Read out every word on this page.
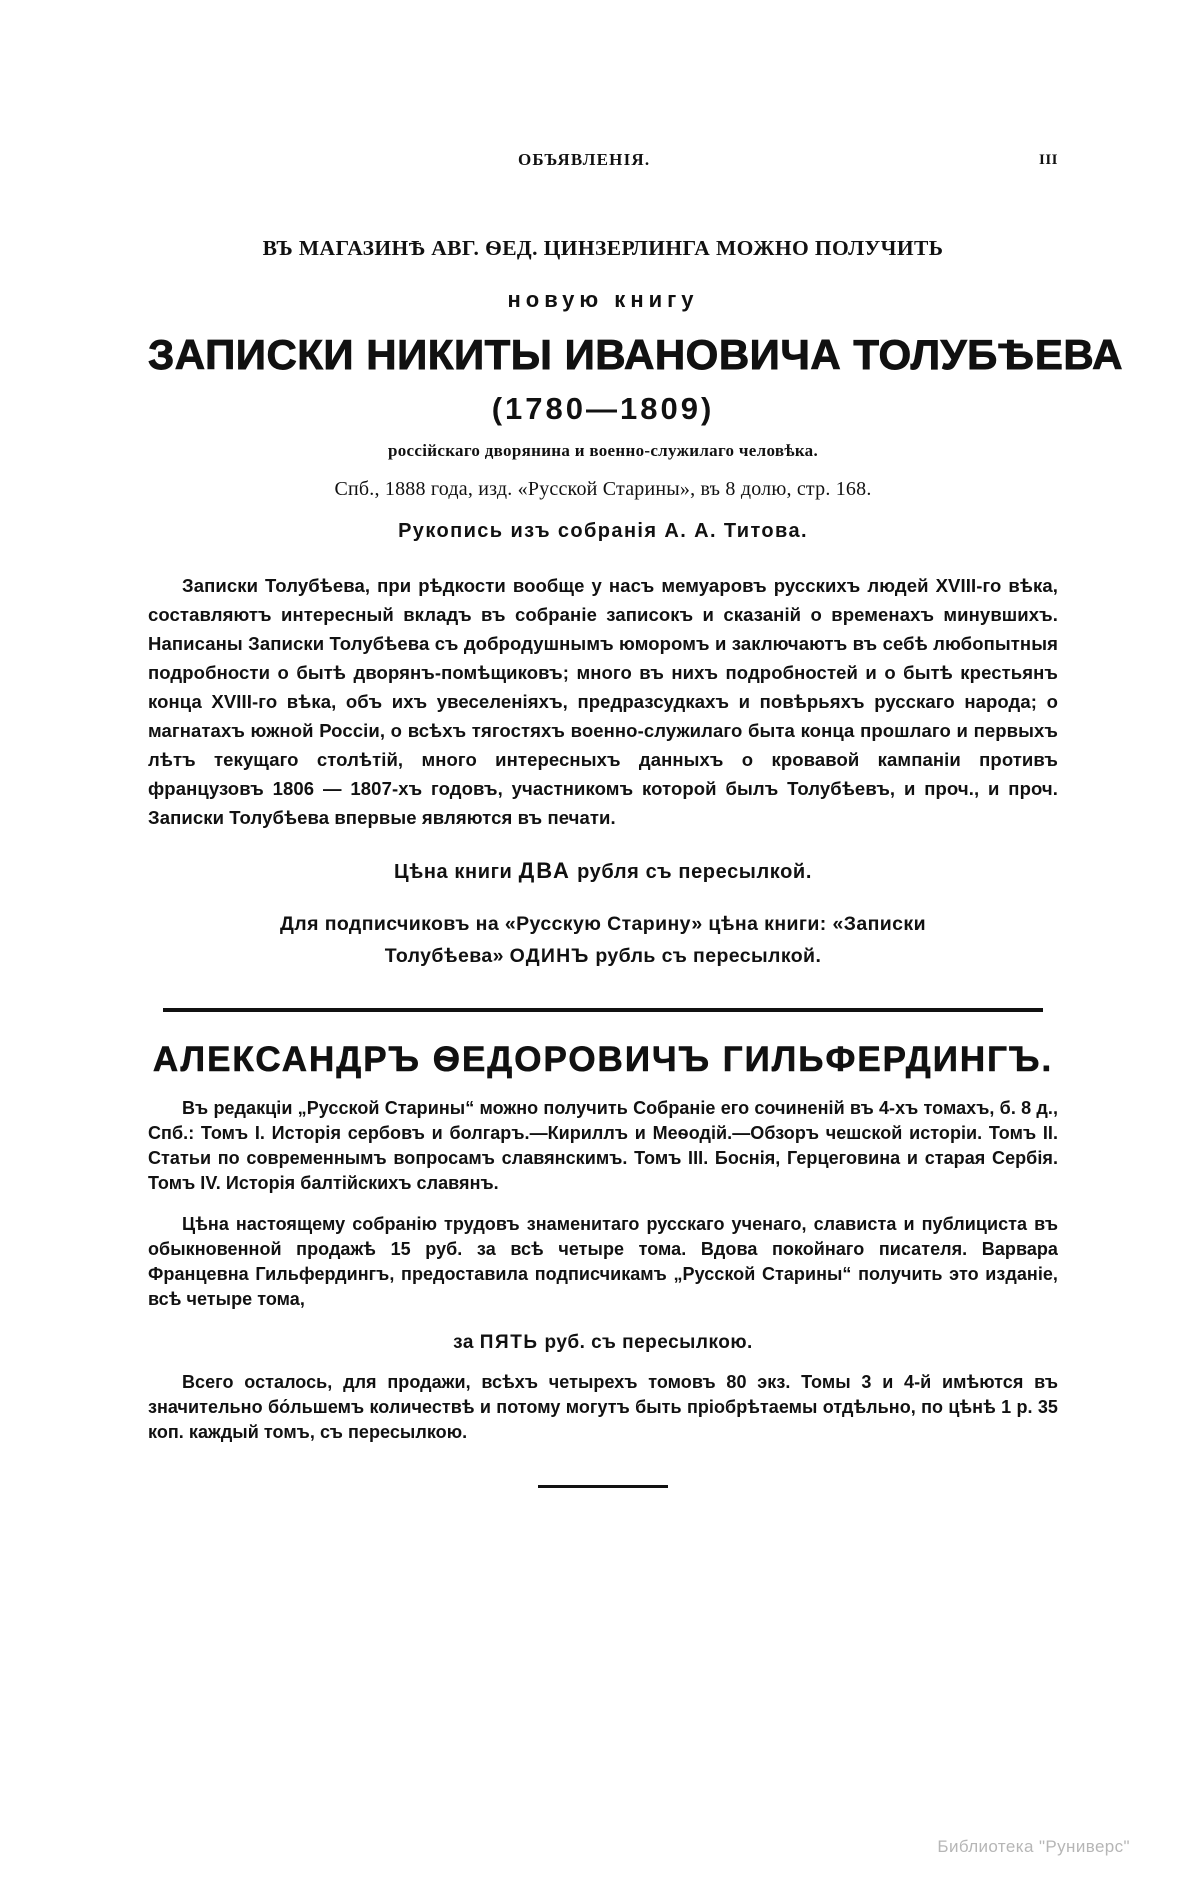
ОБЪЯВЛЕНІЯ.	III
ВЪ МАГАЗИНѢ АВГ. ѲЕД. ЦИНЗЕРЛИНГА МОЖНО ПОЛУЧИТЬ
новую книгу
ЗАПИСКИ НИКИТЫ ИВАНОВИЧА ТОЛУБѢЕВА
(1780—1809)
россійскаго дворянина и военно-служилаго человѣка.
Спб., 1888 года, изд. «Русской Старины», въ 8 долю, стр. 168.
Рукопись изъ собранія А. А. Титова.
Записки Толубѣева, при рѣдкости вообще у насъ мемуаровъ русскихъ людей XVIII-го вѣка, составляютъ интересный вкладъ въ собраніе записокъ и сказаній о временахъ минувшихъ. Написаны Записки Толубѣева съ добродушнымъ юморомъ и заключаютъ въ себѣ любопытныя подробности о бытѣ дворянъ-помѣщиковъ; много въ нихъ подробностей и о бытѣ крестьянъ конца XVIII-го вѣка, объ ихъ увеселеніяхъ, предразсудкахъ и повѣрьяхъ русскаго народа; о магнатахъ южной Россіи, о всѣхъ тягостяхъ военно-служилаго быта конца прошлаго и первыхъ лѣтъ текущаго столѣтій, много интересныхъ данныхъ о кровавой кампаніи противъ французовъ 1806 — 1807-хъ годовъ, участникомъ которой былъ Толубѣевъ, и проч., и проч. Записки Толубѣева впервые являются въ печати.
Цѣна книги ДВА рубля съ пересылкой.
Для подписчиковъ на «Русскую Старину» цѣна книги: «Записки
Толубѣева» ОДИНЪ рубль съ пересылкой.
АЛЕКСАНДРЪ ѲЕДОРОВИЧЪ ГИЛЬФЕРДИНГЪ.
Въ редакціи „Русской Старины“ можно получить Собраніе его сочиненій въ 4-хъ томахъ, б. 8 д., Спб.: Томъ I. Исторія сербовъ и болгаръ.—Кириллъ и Меѳодій.—Обзоръ чешской исторіи. Томъ II. Статьи по современнымъ вопросамъ славянскимъ. Томъ III. Боснія, Герцеговина и старая Сербія. Томъ IV. Исторія балтійскихъ славянъ.
Цѣна настоящему собранію трудовъ знаменитаго русскаго ученаго, слависта и публициста въ обыкновенной продажѣ 15 руб. за всѣ четыре тома. Вдова покойнаго писателя. Варвара Францевна Гильфердингъ, предоставила подписчикамъ „Русской Старины“ получить это изданіе, всѣ четыре тома,
за ПЯТЬ руб. съ пересылкою.
Всего осталось, для продажи, всѣхъ четырехъ томовъ 80 экз. Томы 3 и 4-й имѣются въ значительно бо́льшемъ количествѣ и потому могутъ быть пріобрѣтаемы отдѣльно, по цѣнѣ 1 р. 35 коп. каждый томъ, съ пересылкою.
Библиотека "Руниверс"
